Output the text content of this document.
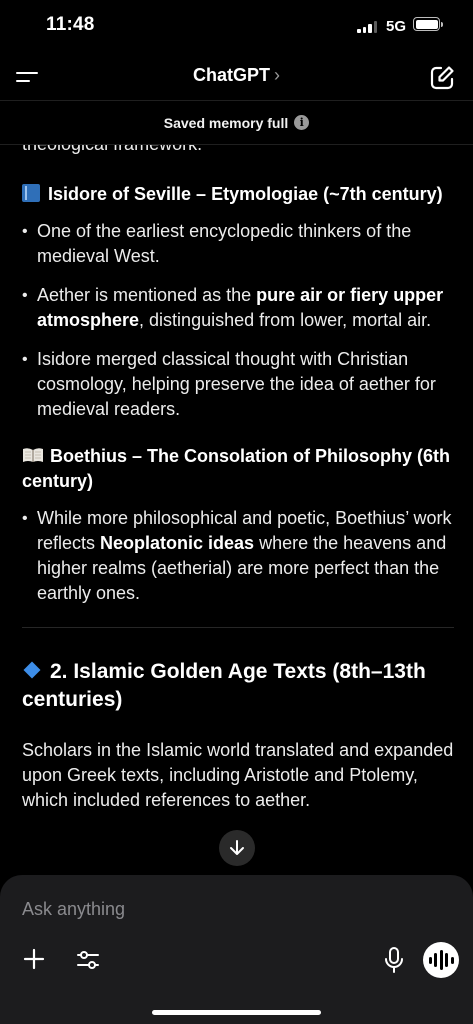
11:48	5G
ChatGPT ›
Saved memory full	i
Isidore of Seville – Etymologiae (~7th century)
• One of the earliest encyclopedic thinkers of the medieval West.
• Aether is mentioned as the pure air or fiery upper atmosphere, distinguished from lower, mortal air.
• Isidore merged classical thought with Christian cosmology, helping preserve the idea of aether for medieval readers.
Boethius – The Consolation of Philosophy (6th century)
• While more philosophical and poetic, Boethius’ work reflects Neoplatonic ideas where the heavens and higher realms (aetherial) are more perfect than the earthly ones.
2. Islamic Golden Age Texts (8th–13th centuries)

Scholars in the Islamic world translated and expanded upon Greek texts, including Aristotle and Ptolemy, which included references to aether.

Ask anything
